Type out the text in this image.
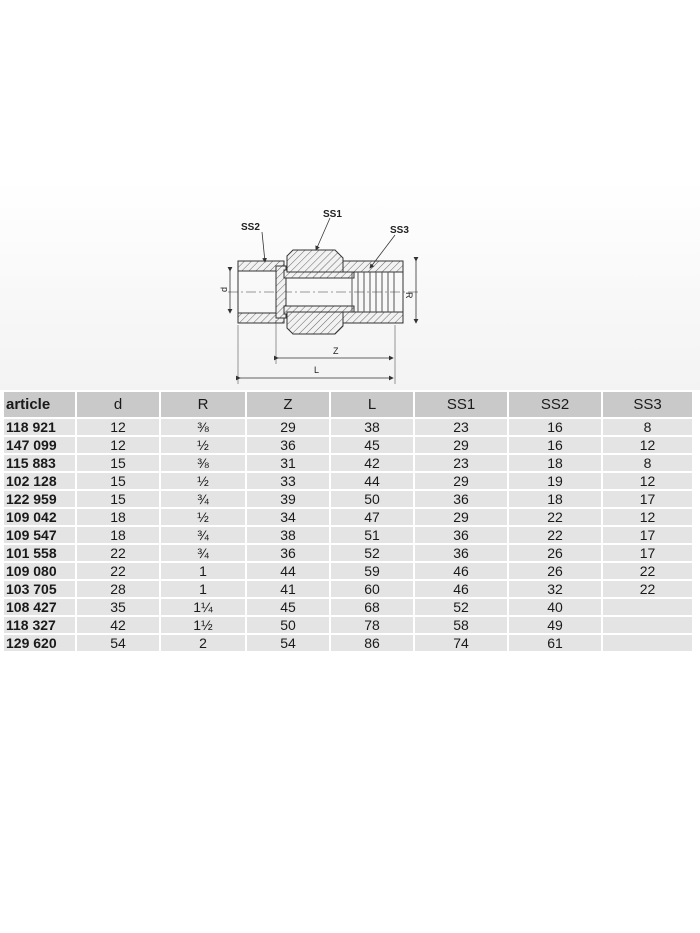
SS2
SS1
SS3
d
R
Z
L
article	d	R	Z	L	SS1	SS2	SS3
118 921	12	⅜	29	38	23	16	8
147 099	12	½	36	45	29	16	12
115 883	15	⅜	31	42	23	18	8
102 128	15	½	33	44	29	19	12
122 959	15	¾	39	50	36	18	17
109 042	18	½	34	47	29	22	12
109 547	18	¾	38	51	36	22	17
101 558	22	¾	36	52	36	26	17
109 080	22	1	44	59	46	26	22
103 705	28	1	41	60	46	32	22
108 427	35	1¼	45	68	52	40	
118 327	42	1½	50	78	58	49	
129 620	54	2	54	86	74	61	
